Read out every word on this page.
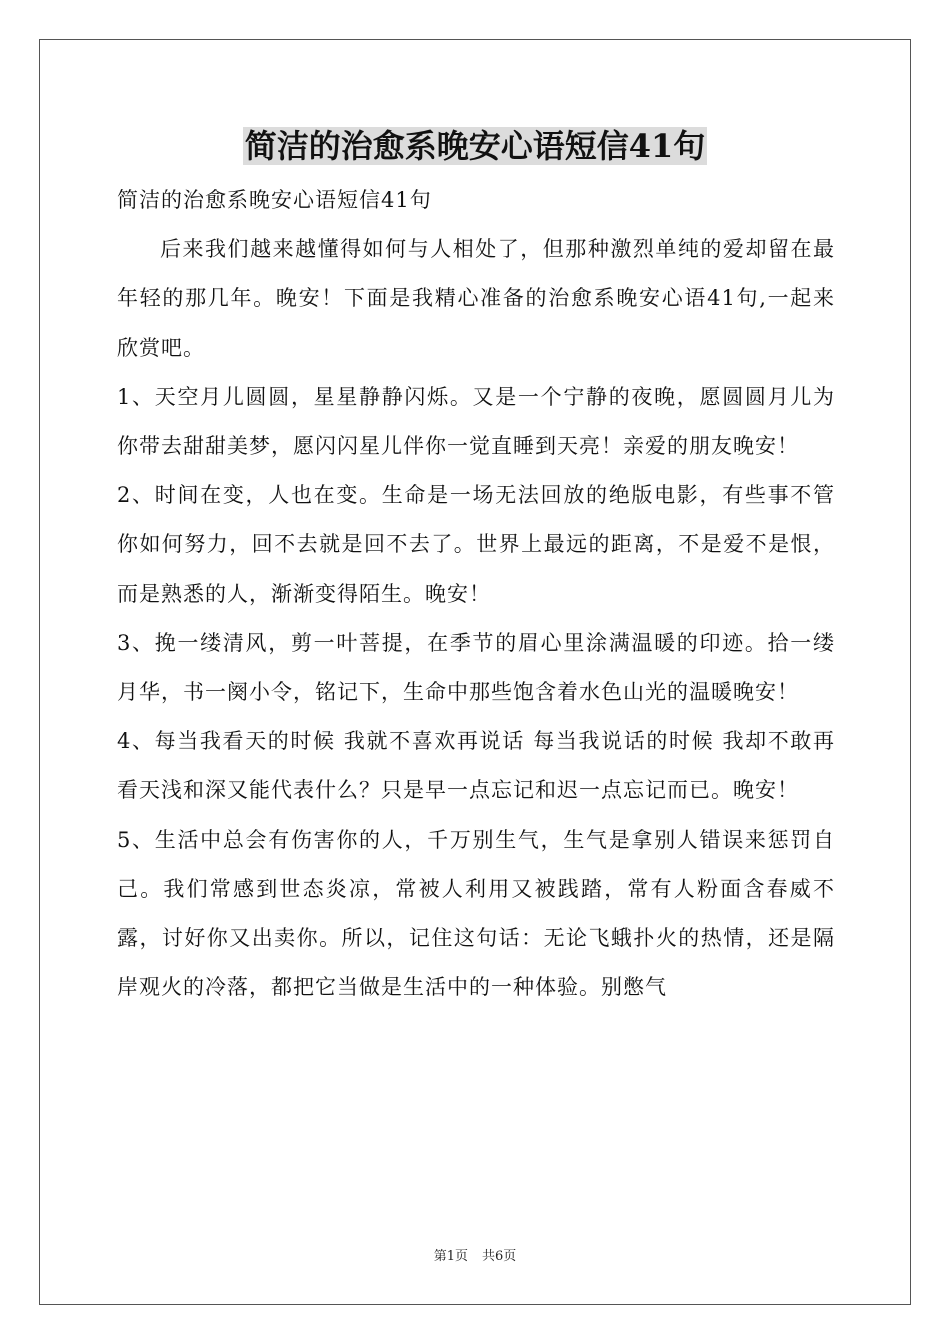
简洁的治愈系晚安心语短信41句

简洁的治愈系晚安心语短信41句

后来我们越来越懂得如何与人相处了，但那种激烈单纯的爱却留在最年轻的那几年。晚安！下面是我精心准备的治愈系晚安心语41句,一起来欣赏吧。

1、天空月儿圆圆，星星静静闪烁。又是一个宁静的夜晚，愿圆圆月儿为你带去甜甜美梦，愿闪闪星儿伴你一觉直睡到天亮！亲爱的朋友晚安！

2、时间在变，人也在变。生命是一场无法回放的绝版电影，有些事不管你如何努力，回不去就是回不去了。世界上最远的距离，不是爱不是恨，而是熟悉的人，渐渐变得陌生。晚安！

3、挽一缕清风，剪一叶菩提，在季节的眉心里涂满温暖的印迹。拾一缕月华，书一阕小令，铭记下，生命中那些饱含着水色山光的温暖晚安！

4、每当我看天的时候 我就不喜欢再说话 每当我说话的时候 我却不敢再看天浅和深又能代表什么？只是早一点忘记和迟一点忘记而已。晚安！

5、生活中总会有伤害你的人，千万别生气，生气是拿别人错误来惩罚自己。我们常感到世态炎凉，常被人利用又被践踏，常有人粉面含春威不露，讨好你又出卖你。所以，记住这句话：无论飞蛾扑火的热情，还是隔岸观火的冷落，都把它当做是生活中的一种体验。别憋气

第1页 共6页
